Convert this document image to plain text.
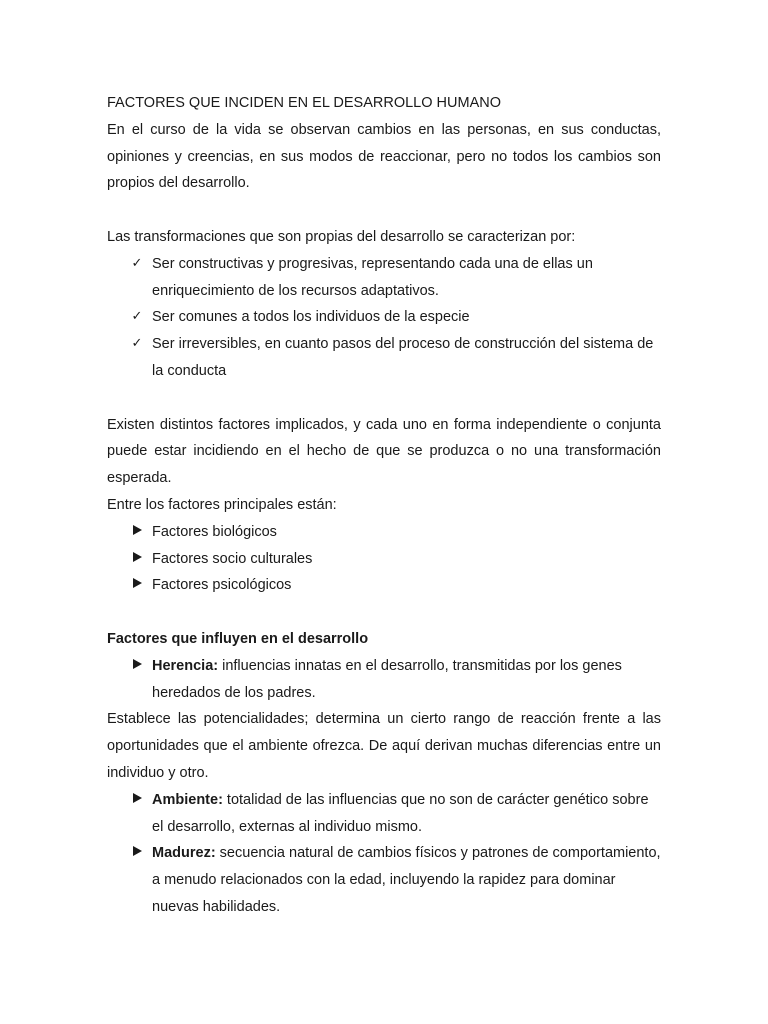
FACTORES QUE INCIDEN EN EL DESARROLLO HUMANO

En el curso de la vida se observan cambios en las personas, en sus conductas, opiniones y creencias, en sus modos de reaccionar, pero no todos los cambios son propios del desarrollo.

Las transformaciones que son propias del desarrollo se caracterizan por:

✓ Ser constructivas y progresivas, representando cada una de ellas un enriquecimiento de los recursos adaptativos.
✓ Ser comunes a todos los individuos de la especie
✓ Ser irreversibles, en cuanto pasos del proceso de construcción del sistema de la conducta

Existen distintos factores implicados, y cada uno en forma independiente o conjunta puede estar incidiendo en el hecho de que se produzca o no una transformación esperada.

Entre los factores principales están:

Factores biológicos
Factores socio culturales
Factores psicológicos

Factores que influyen en el desarrollo

Herencia: influencias innatas en el desarrollo, transmitidas por los genes heredados de los padres.

Establece las potencialidades; determina un cierto rango de reacción frente a las oportunidades que el ambiente ofrezca. De aquí derivan muchas diferencias entre un individuo y otro.

Ambiente: totalidad de las influencias que no son de carácter genético sobre el desarrollo, externas al individuo mismo.
Madurez: secuencia natural de cambios físicos y patrones de comportamiento, a menudo relacionados con la edad, incluyendo la rapidez para dominar nuevas habilidades.
